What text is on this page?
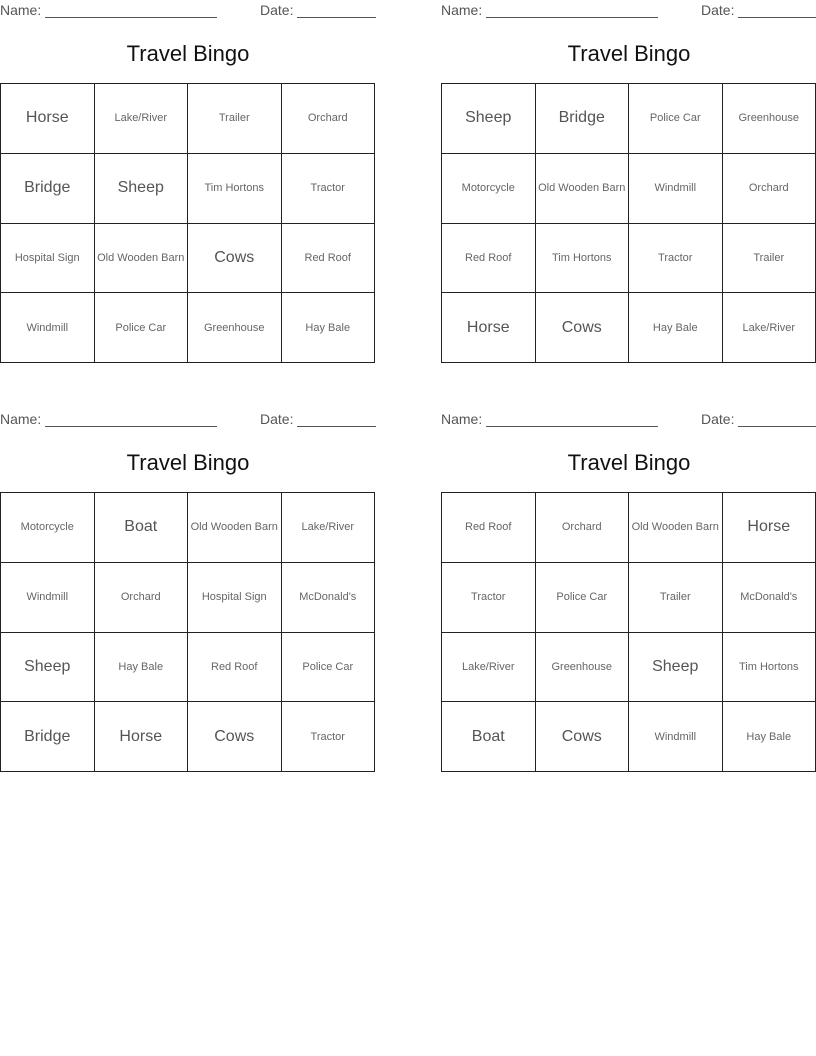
Name:	Date:
Travel Bingo
Horse	Lake/River	Trailer	Orchard
Bridge	Sheep	Tim Hortons	Tractor
Hospital Sign	Old Wooden Barn	Cows	Red Roof
Windmill	Police Car	Greenhouse	Hay Bale
Name:	Date:
Travel Bingo
Sheep	Bridge	Police Car	Greenhouse
Motorcycle	Old Wooden Barn	Windmill	Orchard
Red Roof	Tim Hortons	Tractor	Trailer
Horse	Cows	Hay Bale	Lake/River
Name:	Date:
Travel Bingo
Motorcycle	Boat	Old Wooden Barn	Lake/River
Windmill	Orchard	Hospital Sign	McDonald's
Sheep	Hay Bale	Red Roof	Police Car
Bridge	Horse	Cows	Tractor
Name:	Date:
Travel Bingo
Red Roof	Orchard	Old Wooden Barn	Horse
Tractor	Police Car	Trailer	McDonald's
Lake/River	Greenhouse	Sheep	Tim Hortons
Boat	Cows	Windmill	Hay Bale
